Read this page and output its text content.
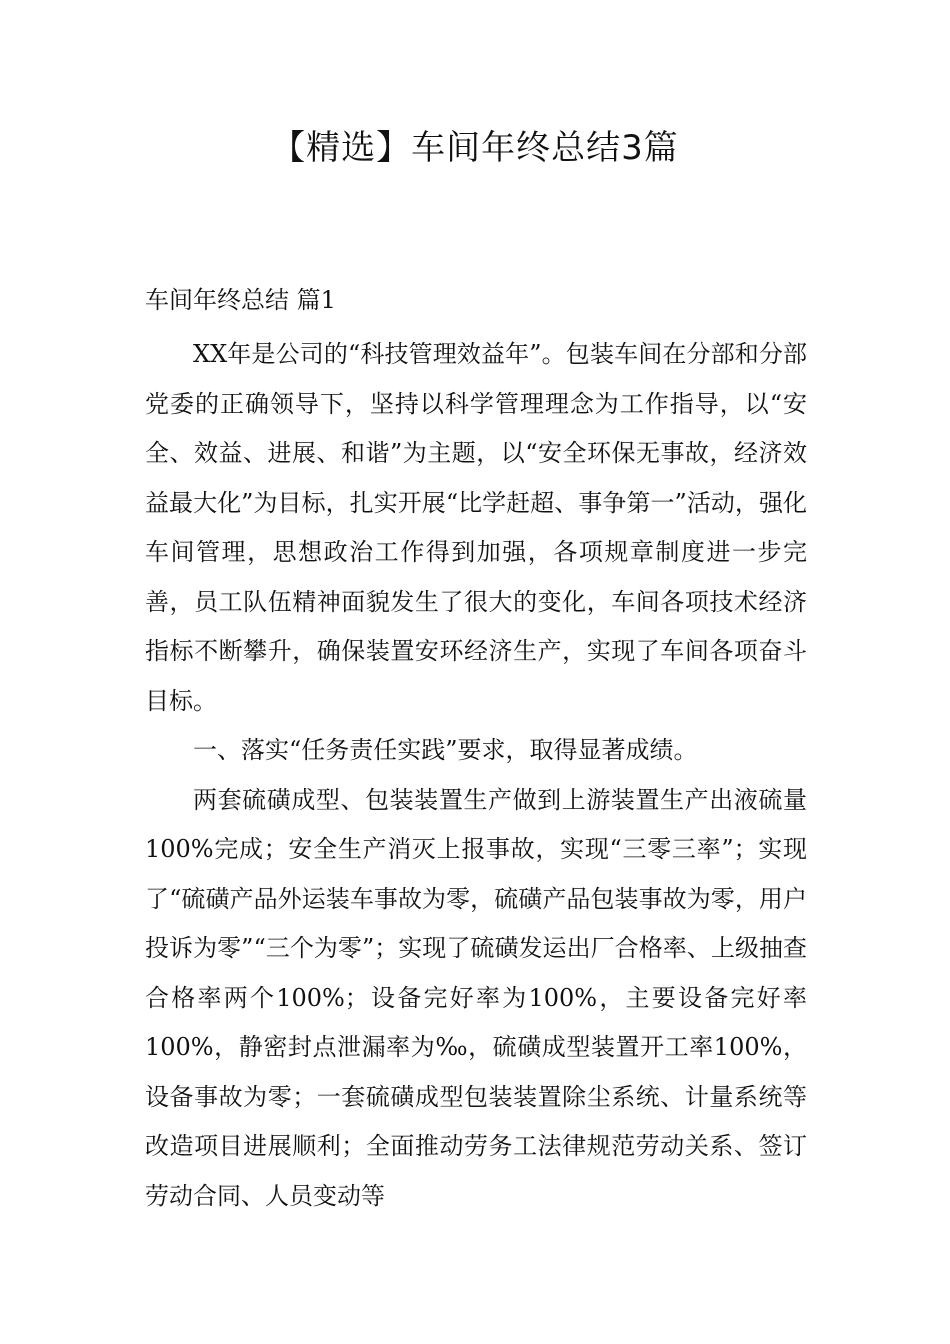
【精选】车间年终总结3篇
车间年终总结 篇1

XX年是公司的“科技管理效益年”。包装车间在分部和分部党委的正确领导下，坚持以科学管理理念为工作指导，以“安全、效益、进展、和谐”为主题，以“安全环保无事故，经济效益最大化”为目标，扎实开展“比学赶超、事争第一”活动，强化车间管理，思想政治工作得到加强，各项规章制度进一步完善，员工队伍精神面貌发生了很大的变化，车间各项技术经济指标不断攀升，确保装置安环经济生产，实现了车间各项奋斗目标。

一、落实“任务责任实践”要求，取得显著成绩。

两套硫磺成型、包装装置生产做到上游装置生产出液硫量100%完成；安全生产消灭上报事故，实现“三零三率”；实现了“硫磺产品外运装车事故为零，硫磺产品包装事故为零，用户投诉为零”“三个为零”；实现了硫磺发运出厂合格率、上级抽查合格率两个100%；设备完好率为100%，主要设备完好率100%，静密封点泄漏率为‰，硫磺成型装置开工率100%，设备事故为零；一套硫磺成型包装装置除尘系统、计量系统等改造项目进展顺利；全面推动劳务工法律规范劳动关系、签订劳动合同、人员变动等
